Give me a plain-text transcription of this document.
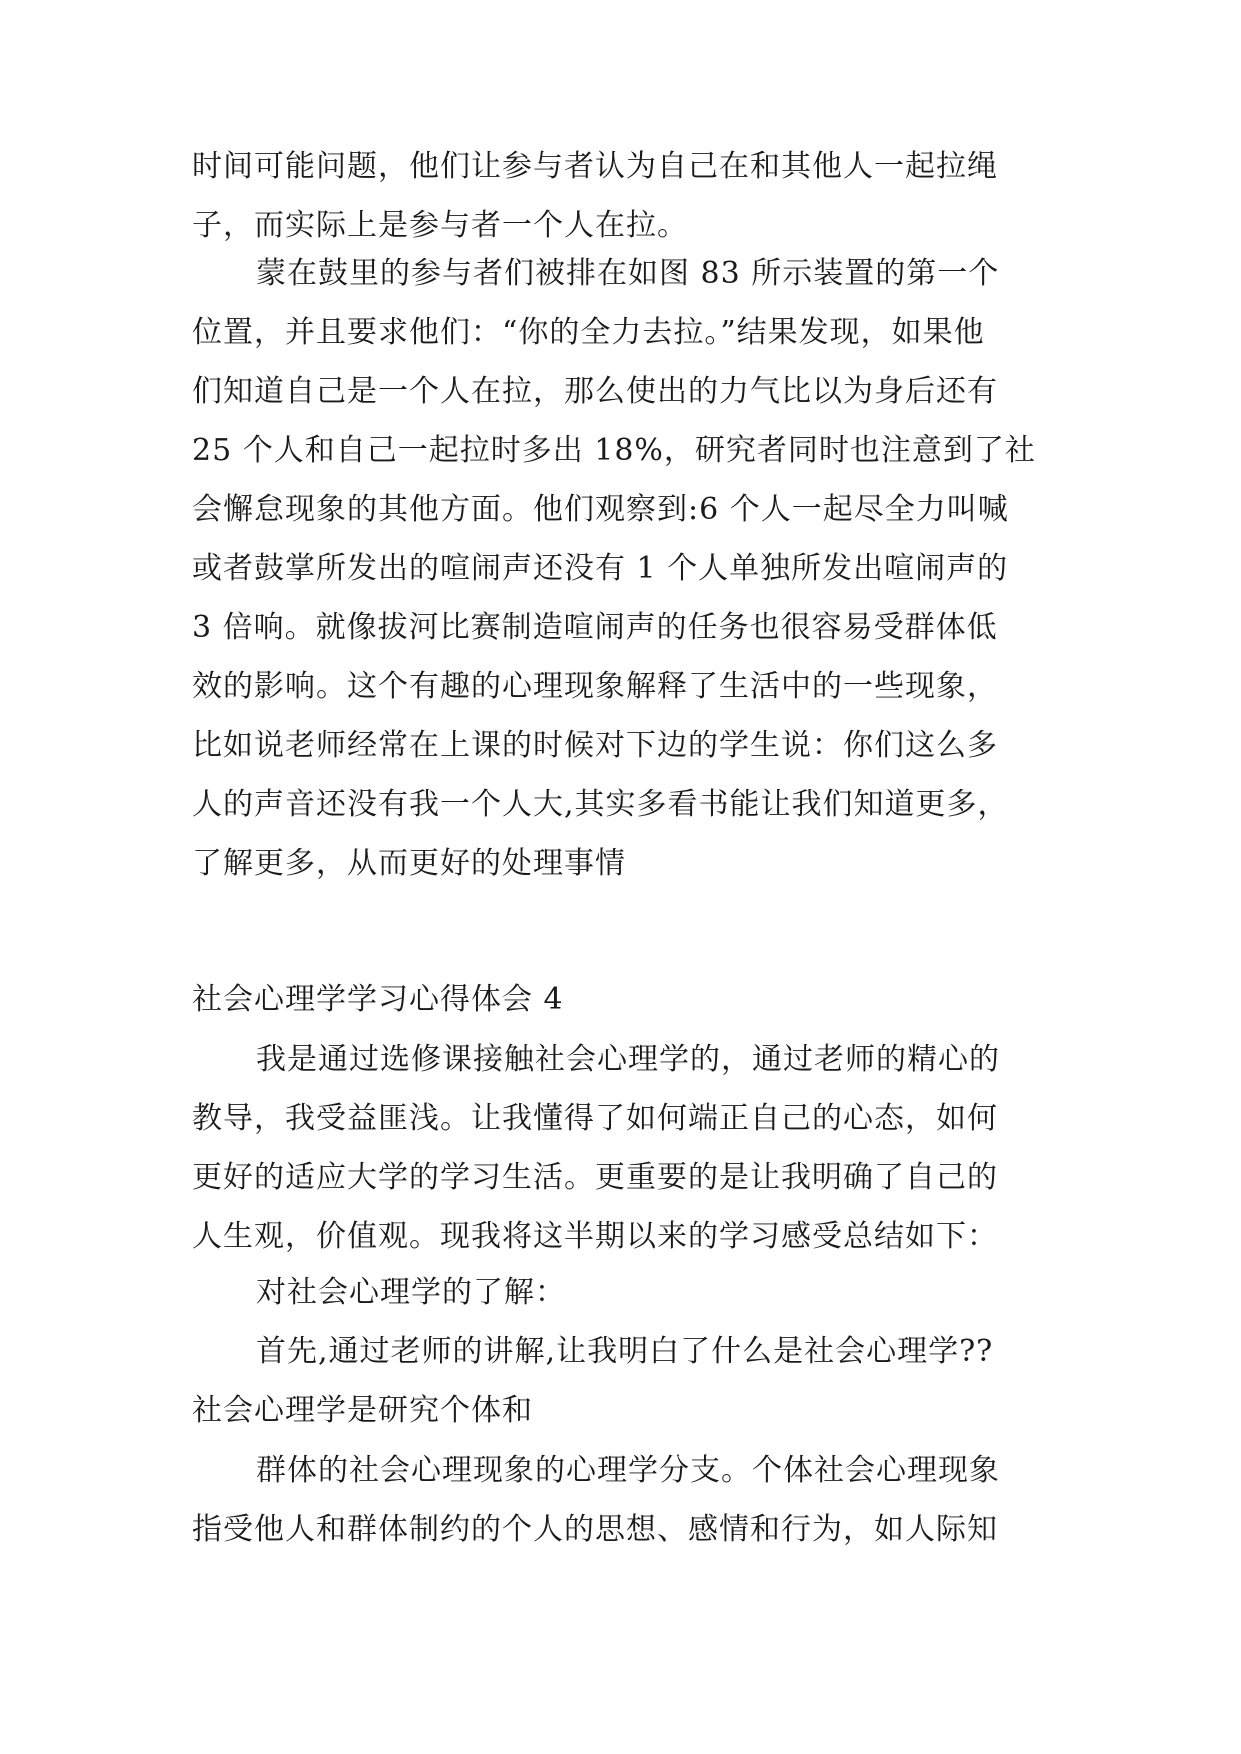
时间可能问题，他们让参与者认为自己在和其他人一起拉绳
子，而实际上是参与者一个人在拉。
蒙在鼓里的参与者们被排在如图 83 所示装置的第一个
位置，并且要求他们：“你的全力去拉。”结果发现，如果他
们知道自己是一个人在拉，那么使出的力气比以为身后还有
25 个人和自己一起拉时多出 18%，研究者同时也注意到了社
会懈怠现象的其他方面。他们观察到:6 个人一起尽全力叫喊
或者鼓掌所发出的喧闹声还没有 1 个人单独所发出喧闹声的
3 倍响。就像拔河比赛制造喧闹声的任务也很容易受群体低
效的影响。这个有趣的心理现象解释了生活中的一些现象，
比如说老师经常在上课的时候对下边的学生说：你们这么多
人的声音还没有我一个人大,其实多看书能让我们知道更多，
了解更多，从而更好的处理事情
社会心理学学习心得体会 4
我是通过选修课接触社会心理学的，通过老师的精心的
教导，我受益匪浅。让我懂得了如何端正自己的心态，如何
更好的适应大学的学习生活。更重要的是让我明确了自己的
人生观，价值观。现我将这半期以来的学习感受总结如下：
对社会心理学的了解：
首先,通过老师的讲解,让我明白了什么是社会心理学??
社会心理学是研究个体和
群体的社会心理现象的心理学分支。个体社会心理现象
指受他人和群体制约的个人的思想、感情和行为，如人际知
